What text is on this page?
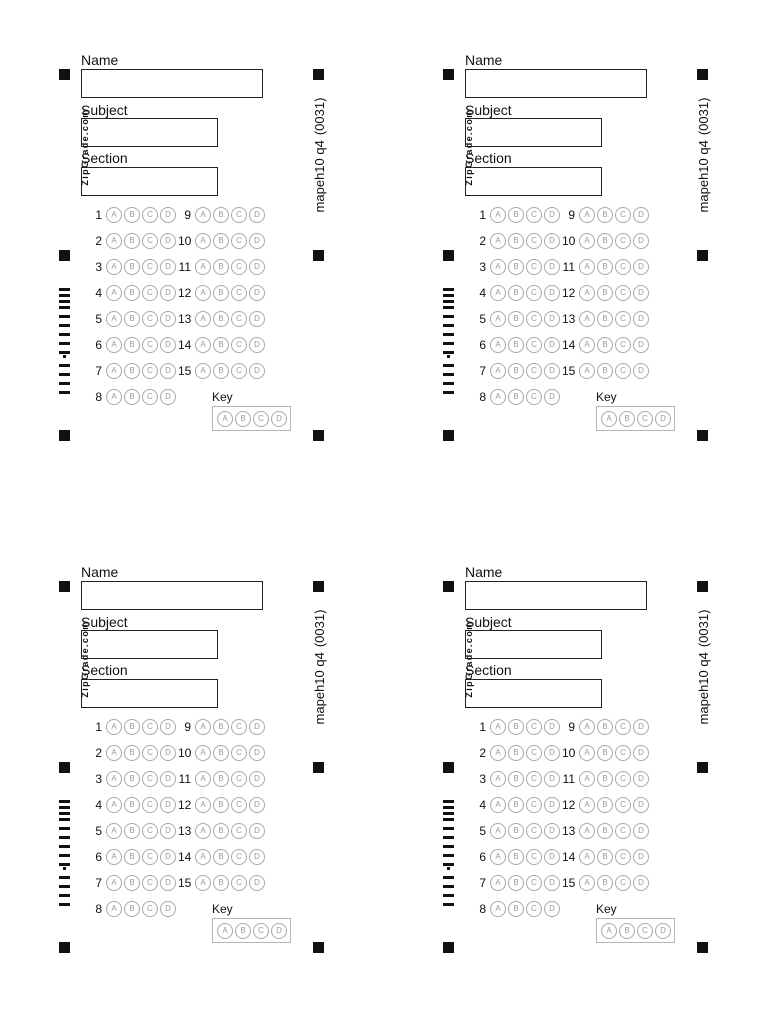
Name
Subject
Section
ZipGrade.com	mapeh10 q4(0031)
1	A	B	C	D
2	A	B	C	D
3	A	B	C	D
4	A	B	C	D
5	A	B	C	D
6	A	B	C	D
7	A	B	C	D
8	A	B	C	D
9	A	B	C	D
10	A	B	C	D
11	A	B	C	D
12	A	B	C	D
13	A	B	C	D
14	A	B	C	D
15	A	B	C	D
Key
A	B	C	D
Name
Subject
Section
ZipGrade.com	mapeh10 q4(0031)
1	A	B	C	D
2	A	B	C	D
3	A	B	C	D
4	A	B	C	D
5	A	B	C	D
6	A	B	C	D
7	A	B	C	D
8	A	B	C	D
9	A	B	C	D
10	A	B	C	D
11	A	B	C	D
12	A	B	C	D
13	A	B	C	D
14	A	B	C	D
15	A	B	C	D
Key
A	B	C	D
Name
Subject
Section
ZipGrade.com	mapeh10 q4(0031)
1	A	B	C	D
2	A	B	C	D
3	A	B	C	D
4	A	B	C	D
5	A	B	C	D
6	A	B	C	D
7	A	B	C	D
8	A	B	C	D
9	A	B	C	D
10	A	B	C	D
11	A	B	C	D
12	A	B	C	D
13	A	B	C	D
14	A	B	C	D
15	A	B	C	D
Key
A	B	C	D
Name
Subject
Section
ZipGrade.com	mapeh10 q4(0031)
1	A	B	C	D
2	A	B	C	D
3	A	B	C	D
4	A	B	C	D
5	A	B	C	D
6	A	B	C	D
7	A	B	C	D
8	A	B	C	D
9	A	B	C	D
10	A	B	C	D
11	A	B	C	D
12	A	B	C	D
13	A	B	C	D
14	A	B	C	D
15	A	B	C	D
Key
A	B	C	D
